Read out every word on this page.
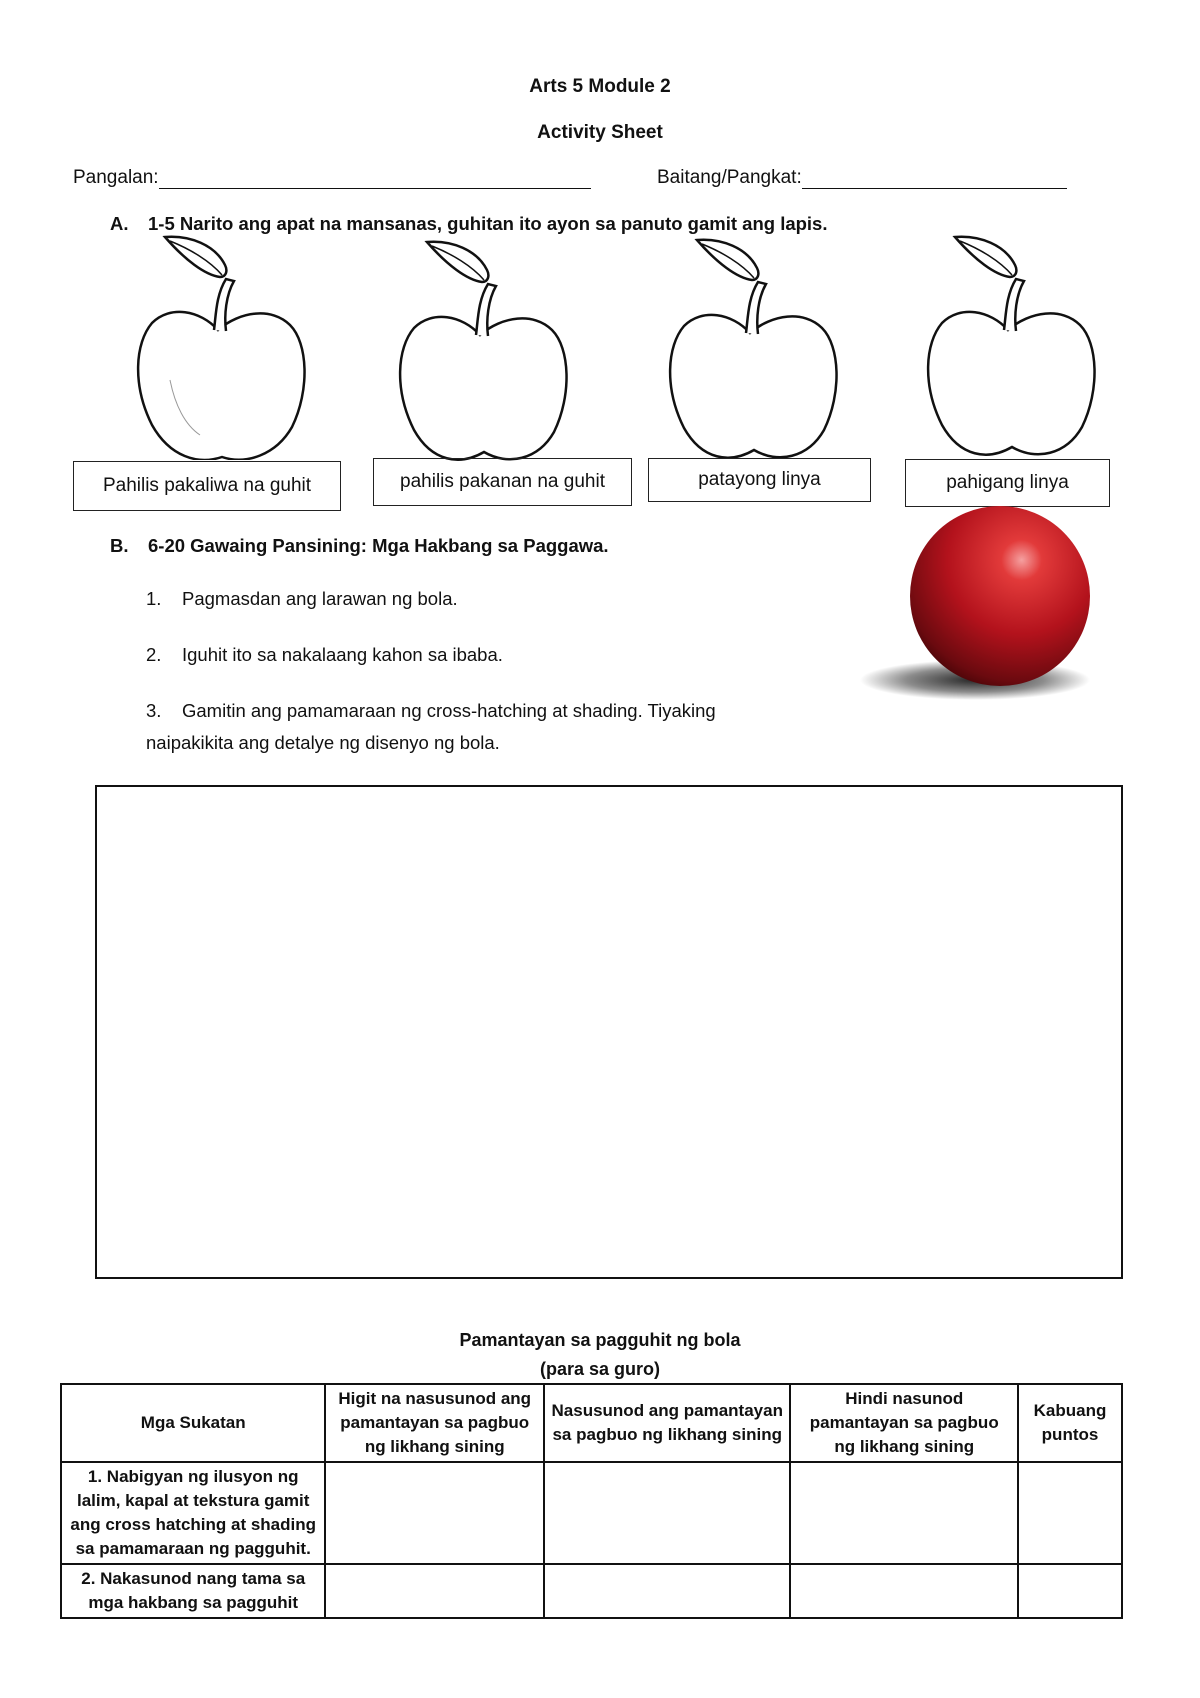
Arts 5 Module 2
Activity Sheet
Pangalan:	Baitang/Pangkat:
A. 1-5 Narito ang apat na mansanas, guhitan ito ayon sa panuto gamit ang lapis.
Pahilis pakaliwa na guhit	pahilis pakanan na guhit	patayong linya	pahigang linya
B. 6-20 Gawaing Pansining: Mga Hakbang sa Paggawa.
1. Pagmasdan ang larawan ng bola.
2. Iguhit ito sa nakalaang kahon sa ibaba.
3. Gamitin ang pamamaraan ng cross-hatching at shading. Tiyaking
naipakikita ang detalye ng disenyo ng bola.
Pamantayan sa pagguhit ng bola
(para sa guro)
Mga Sukatan	Higit na nasusunod ang pamantayan sa pagbuo ng likhang sining	Nasusunod ang pamantayan sa pagbuo ng likhang sining	Hindi nasunod pamantayan sa pagbuo ng likhang sining	Kabuang puntos
1. Nabigyan ng ilusyon ng lalim, kapal at tekstura gamit ang cross hatching at shading sa pamamaraan ng pagguhit.				
2. Nakasunod nang tama sa mga hakbang sa pagguhit				
